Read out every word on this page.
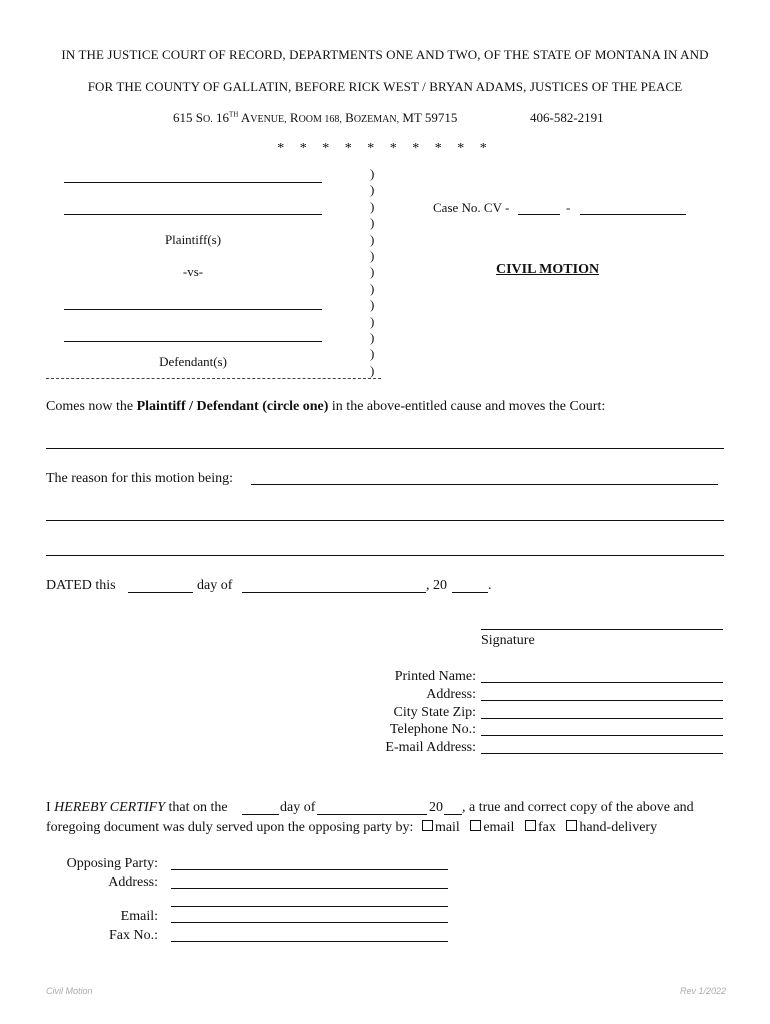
IN THE JUSTICE COURT OF RECORD, DEPARTMENTS ONE AND TWO, OF THE STATE OF MONTANA IN AND
FOR THE COUNTY OF GALLATIN, BEFORE RICK WEST / BRYAN ADAMS, JUSTICES OF THE PEACE
615 SO. 16TH AVENUE, ROOM 168, BOZEMAN, MT 59715	406-582-2191
* * * * * * * * * *
Plaintiff(s)
-vs-
Defendant(s)
)
)
)
)
)
)
)
)
)
)
)
)
)
Case No. CV -	-
CIVIL MOTION
Comes now the Plaintiff / Defendant (circle one) in the above-entitled cause and moves the Court:
The reason for this motion being:
DATED this	day of	, 20	.
Signature
Printed Name:
Address:
City State Zip:
Telephone No.:
E-mail Address:
I HEREBY CERTIFY that on the	day of	20 , a true and correct copy of the above and
foregoing document was duly served upon the opposing party by: mail email fax hand-delivery
Opposing Party:
Address:
Email:
Fax No.:
Civil Motion	Rev 1/2022
